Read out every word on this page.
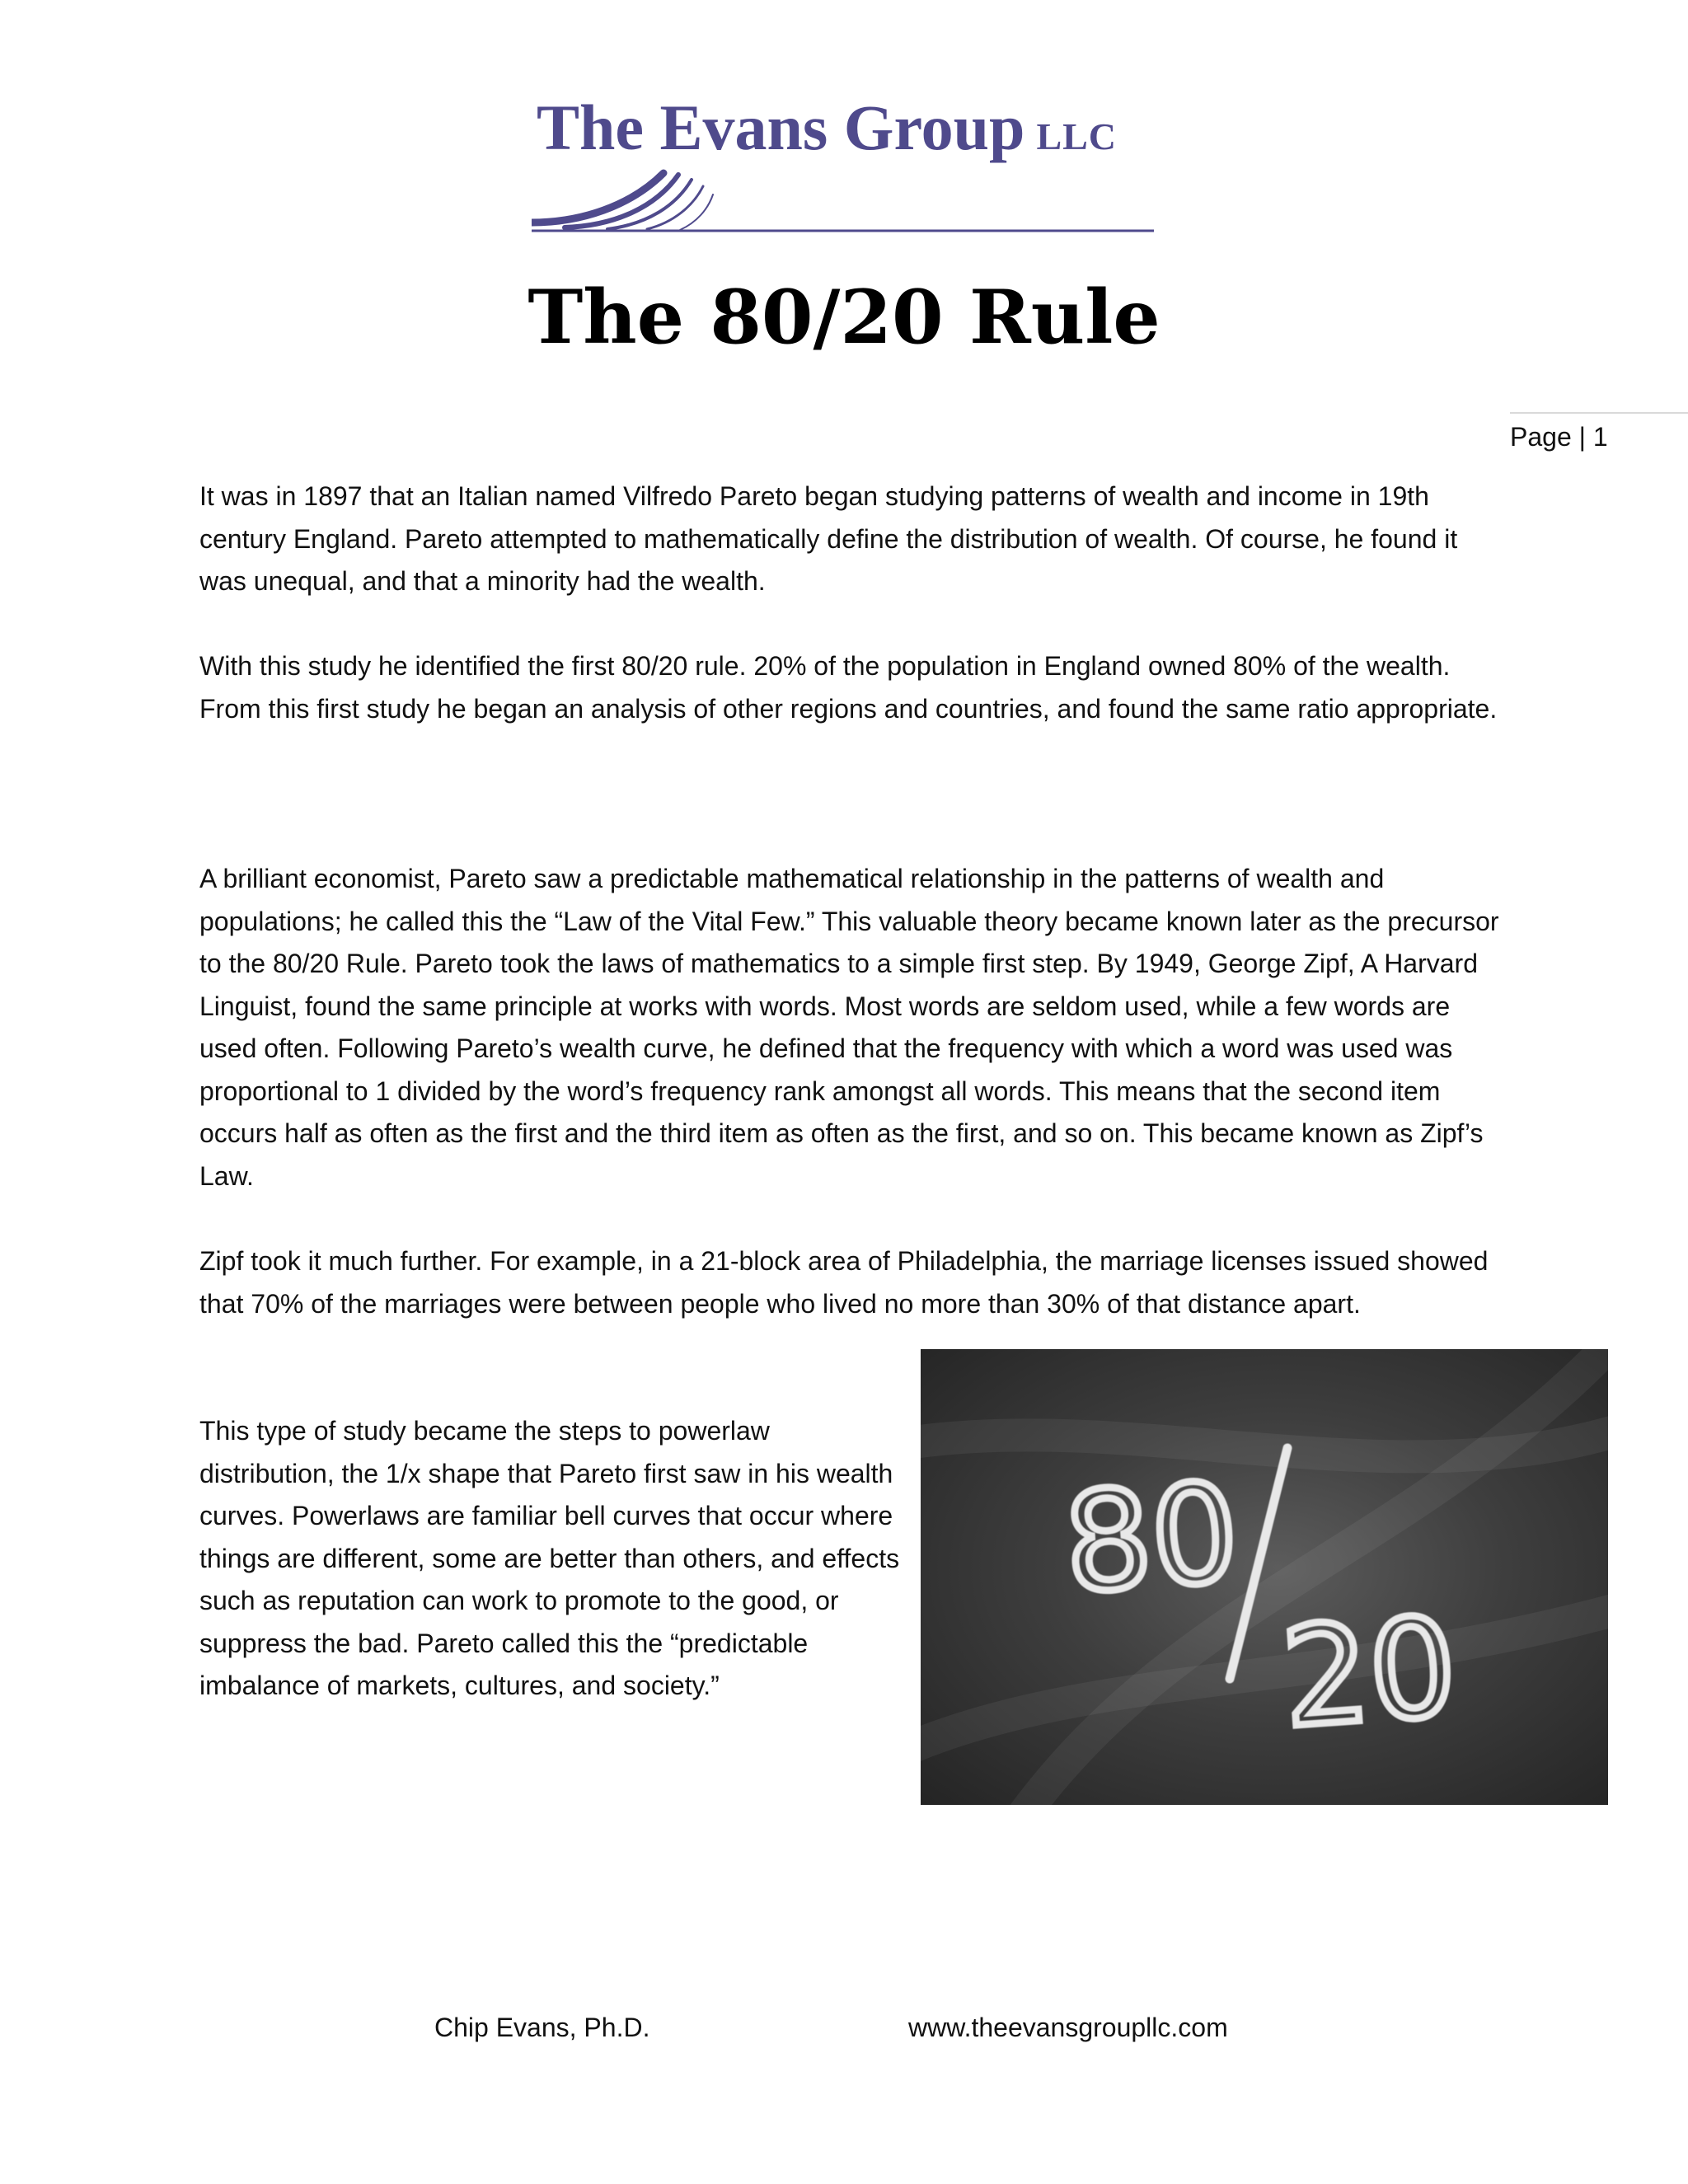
The Evans Group LLC
The 80/20 Rule
Page | 1

It was in 1897 that an Italian named Vilfredo Pareto began studying patterns of wealth and income in 19th century England. Pareto attempted to mathematically define the distribution of wealth. Of course, he found it was unequal, and that a minority had the wealth.

With this study he identified the first 80/20 rule. 20% of the population in England owned 80% of the wealth. From this first study he began an analysis of other regions and countries, and found the same ratio appropriate.

A brilliant economist, Pareto saw a predictable mathematical relationship in the patterns of wealth and populations; he called this the “Law of the Vital Few.” This valuable theory became known later as the precursor to the 80/20 Rule. Pareto took the laws of mathematics to a simple first step. By 1949, George Zipf, A Harvard Linguist, found the same principle at works with words. Most words are seldom used, while a few words are used often. Following Pareto’s wealth curve, he defined that the frequency with which a word was used was proportional to 1 divided by the word’s frequency rank amongst all words. This means that the second item occurs half as often as the first and the third item as often as the first, and so on. This became known as Zipf’s Law.

Zipf took it much further. For example, in a 21-block area of Philadelphia, the marriage licenses issued showed that 70% of the marriages were between people who lived no more than 30% of that distance apart.

This type of study became the steps to powerlaw distribution, the 1/x shape that Pareto first saw in his wealth curves. Powerlaws are familiar bell curves that occur where things are different, some are better than others, and effects such as reputation can work to promote to the good, or suppress the bad. Pareto called this the “predictable imbalance of markets, cultures, and society.”

80
20
Chip Evans, Ph.D.	www.theevansgroupllc.com
